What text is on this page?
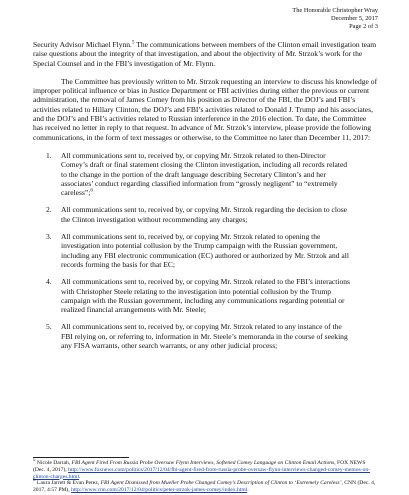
The Honorable Christopher Wray
December 5, 2017
Page 2 of 3

Security Advisor Michael Flynn.$^5$ The communications between members of the Clinton email investigation team raise questions about the integrity of that investigation, and about the objectivity of Mr. Strzok’s work for the Special Counsel and in the FBI’s investigation of Mr. Flynn.

The Committee has previously written to Mr. Strzok requesting an interview to discuss his knowledge of improper political influence or bias in Justice Department or FBI activities during either the previous or current administration, the removal of James Comey from his position as Director of the FBI, the DOJ’s and FBI’s activities related to Hillary Clinton, the DOJ’s and FBI’s activities related to Donald J. Trump and his associates, and the DOJ’s and FBI’s activities related to Russian interference in the 2016 election. To date, the Committee has received no letter in reply to that request. In advance of Mr. Strzok’s interview, please provide the following communications, in the form of text messages or otherwise, to the Committee no later than December 11, 2017:

1.	All communications sent to, received by, or copying Mr. Strzok related to then-Director Comey’s draft or final statement closing the Clinton investigation, including all records related to the change in the portion of the draft language describing Secretary Clinton’s and her associates’ conduct regarding classified information from “grossly negligent” to “extremely careless”;$^6$
2.	All communications sent to, received by, or copying Mr. Strzok regarding the decision to close the Clinton investigation without recommending any charges;
3.	All communications sent to, received by, or copying Mr. Strzok related to opening the investigation into potential collusion by the Trump campaign with the Russian government, including any FBI electronic communication (EC) authored or authorized by Mr. Strzok and all records forming the basis for that EC;
4.	All communications sent to, received by, or copying Mr. Strzok related to the FBI’s interactions with Christopher Steele relating to the investigation into potential collusion by the Trump campaign with the Russian government, including any communications regarding potential or realized financial arrangements with Mr. Steele;
5.	All communications sent to, received by, or copying Mr. Strzok related to any instance of the FBI relying on, or referring to, information in Mr. Steele’s memoranda in the course of seeking any FISA warrants, other search warrants, or any other judicial process;

$^5$ Nicole Darrah, FBI Agent Fired From Russia Probe Oversaw Flynn Interviews, Softened Comey Language on Clinton Email Actions, FOX NEWS (Dec. 4, 2017), http://www.foxnews.com/politics/2017/12/04/fbi-agent-fired-from-russia-probe-oversaw-flynn-interviews-changed-comey-memos-on-clinton-charges.html.

$^6$ Laura Jarrett & Evan Perez, FBI Agent Dismissed from Mueller Probe Changed Comey’s Description of Clinton to ‘Extremely Careless’, CNN (Dec. 4, 2017, 4:57 PM), http://www.cnn.com/2017/12/04/politics/peter-strzok-james-comey/index.html.
